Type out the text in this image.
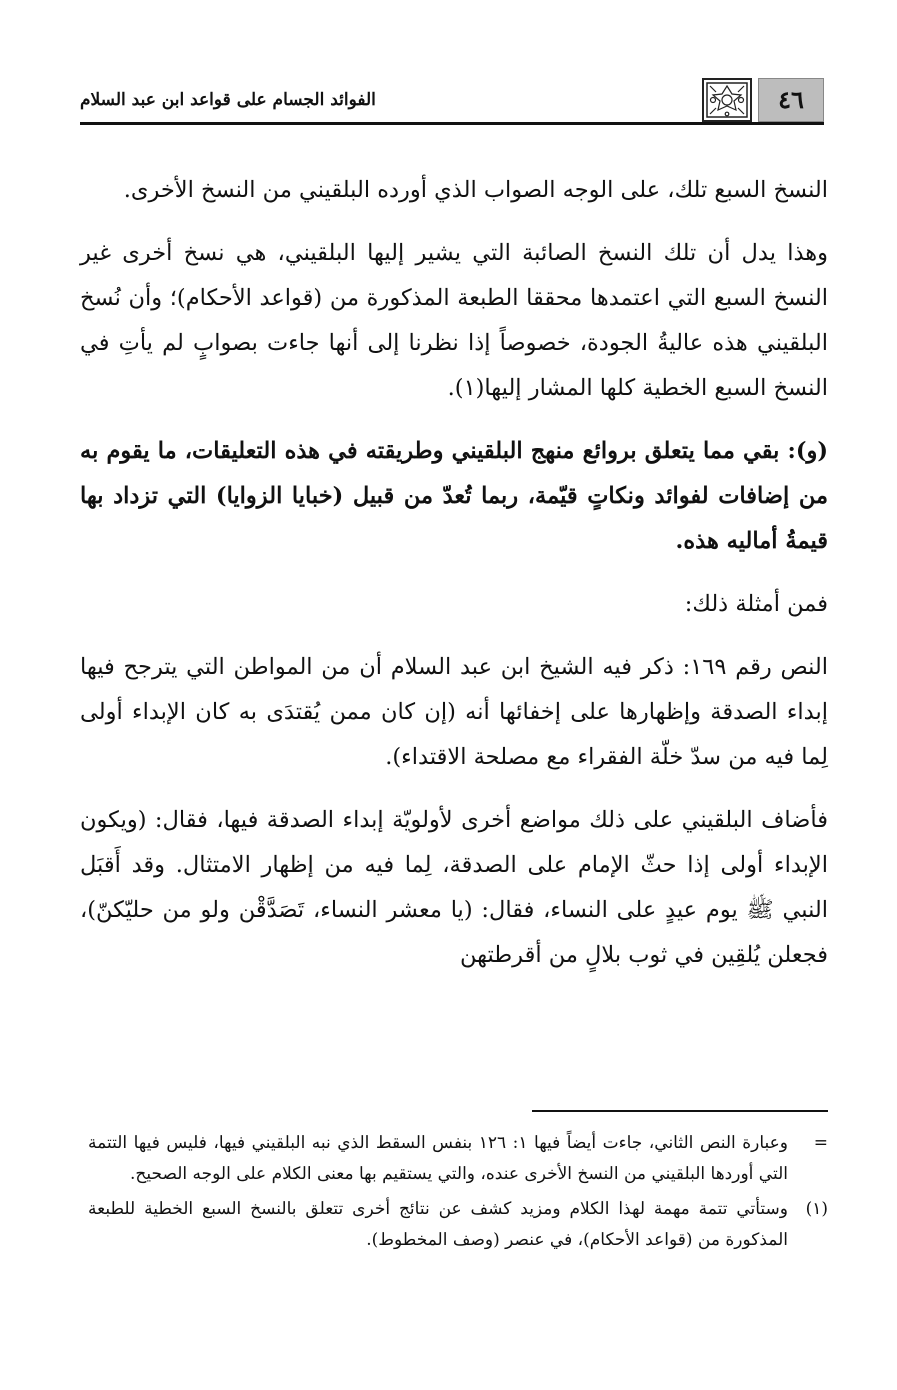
الفوائد الجسام على قواعد ابن عبد السلام	٤٦

النسخ السبع تلك، على الوجه الصواب الذي أورده البلقيني من النسخ الأخرى.

وهذا يدل أن تلك النسخ الصائبة التي يشير إليها البلقيني، هي نسخ أخرى غير النسخ السبع التي اعتمدها محققا الطبعة المذكورة من (قواعد الأحكام)؛ وأن نُسخ البلقيني هذه عاليةُ الجودة، خصوصاً إذا نظرنا إلى أنها جاءت بصوابٍ لم يأتِ في النسخ السبع الخطية كلها المشار إليها(١).

(و): بقي مما يتعلق بروائع منهج البلقيني وطريقته في هذه التعليقات، ما يقوم به من إضافات لفوائد ونكاتٍ قيّمة، ربما تُعدّ من قبيل (خبايا الزوايا) التي تزداد بها قيمةُ أماليه هذه.

فمن أمثلة ذلك:

النص رقم ١٦٩: ذكر فيه الشيخ ابن عبد السلام أن من المواطن التي يترجح فيها إبداء الصدقة وإظهارها على إخفائها أنه (إن كان ممن يُقتدَى به كان الإبداء أولى لِما فيه من سدّ خلّة الفقراء مع مصلحة الاقتداء).

فأضاف البلقيني على ذلك مواضع أخرى لأولويّة إبداء الصدقة فيها، فقال: (ويكون الإبداء أولى إذا حثّ الإمام على الصدقة، لِما فيه من إظهار الامتثال. وقد أَقبَل النبي ﷺ يوم عيدٍ على النساء، فقال: (يا معشر النساء، تَصَدَّقْن ولو من حليّكنّ)، فجعلن يُلقِين في ثوب بلالٍ من أقرطتهن

=
وعبارة النص الثاني، جاءت أيضاً فيها ١: ١٢٦ بنفس السقط الذي نبه البلقيني فيها، فليس فيها التتمة التي أوردها البلقيني من النسخ الأخرى عنده، والتي يستقيم بها معنى الكلام على الوجه الصحيح.
(١)
وستأتي تتمة مهمة لهذا الكلام ومزيد كشف عن نتائج أخرى تتعلق بالنسخ السبع الخطية للطبعة المذكورة من (قواعد الأحكام)، في عنصر (وصف المخطوط).
